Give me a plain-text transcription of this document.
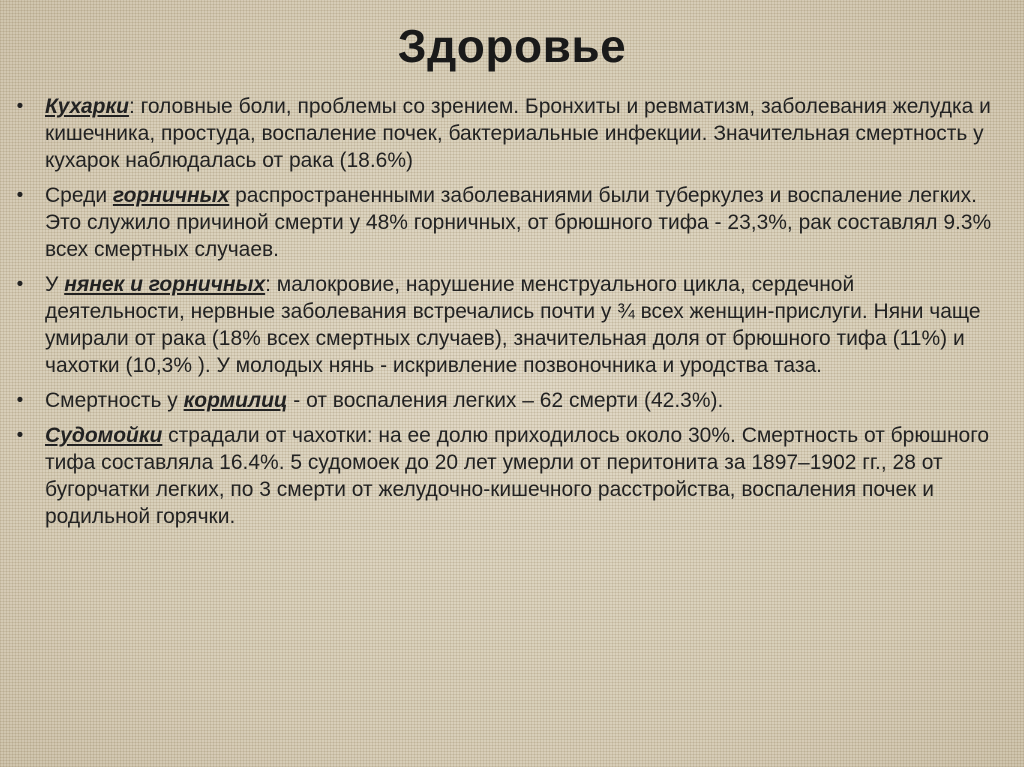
Здоровье
•	Кухарки: головные боли, проблемы со зрением. Бронхиты и ревматизм, заболевания желудка и кишечника, простуда, воспаление почек, бактериальные инфекции. Значительная смертность у кухарок наблюдалась от рака (18.6%)
•	Среди горничных распространенными заболеваниями были туберкулез и воспаление легких. Это служило причиной смерти у 48% горничных, от брюшного тифа - 23,3%, рак составлял 9.3% всех смертных случаев.
•	У нянек и горничных: малокровие, нарушение менструального цикла, сердечной деятельности, нервные заболевания встречались почти у ¾ всех женщин-прислуги. Няни чаще умирали от рака (18% всех смертных случаев), значительная доля от брюшного тифа (11%) и чахотки (10,3% ). У молодых нянь - искривление позвоночника и уродства таза.
•	Смертность у кормилиц - от воспаления легких – 62 смерти (42.3%).
•	Судомойки страдали от чахотки: на ее долю приходилось около 30%. Смертность от брюшного тифа составляла 16.4%. 5 судомоек до 20 лет умерли от перитонита за 1897–1902 гг., 28 от бугорчатки легких, по 3 смерти от желудочно-кишечного расстройства, воспаления почек и родильной горячки.
